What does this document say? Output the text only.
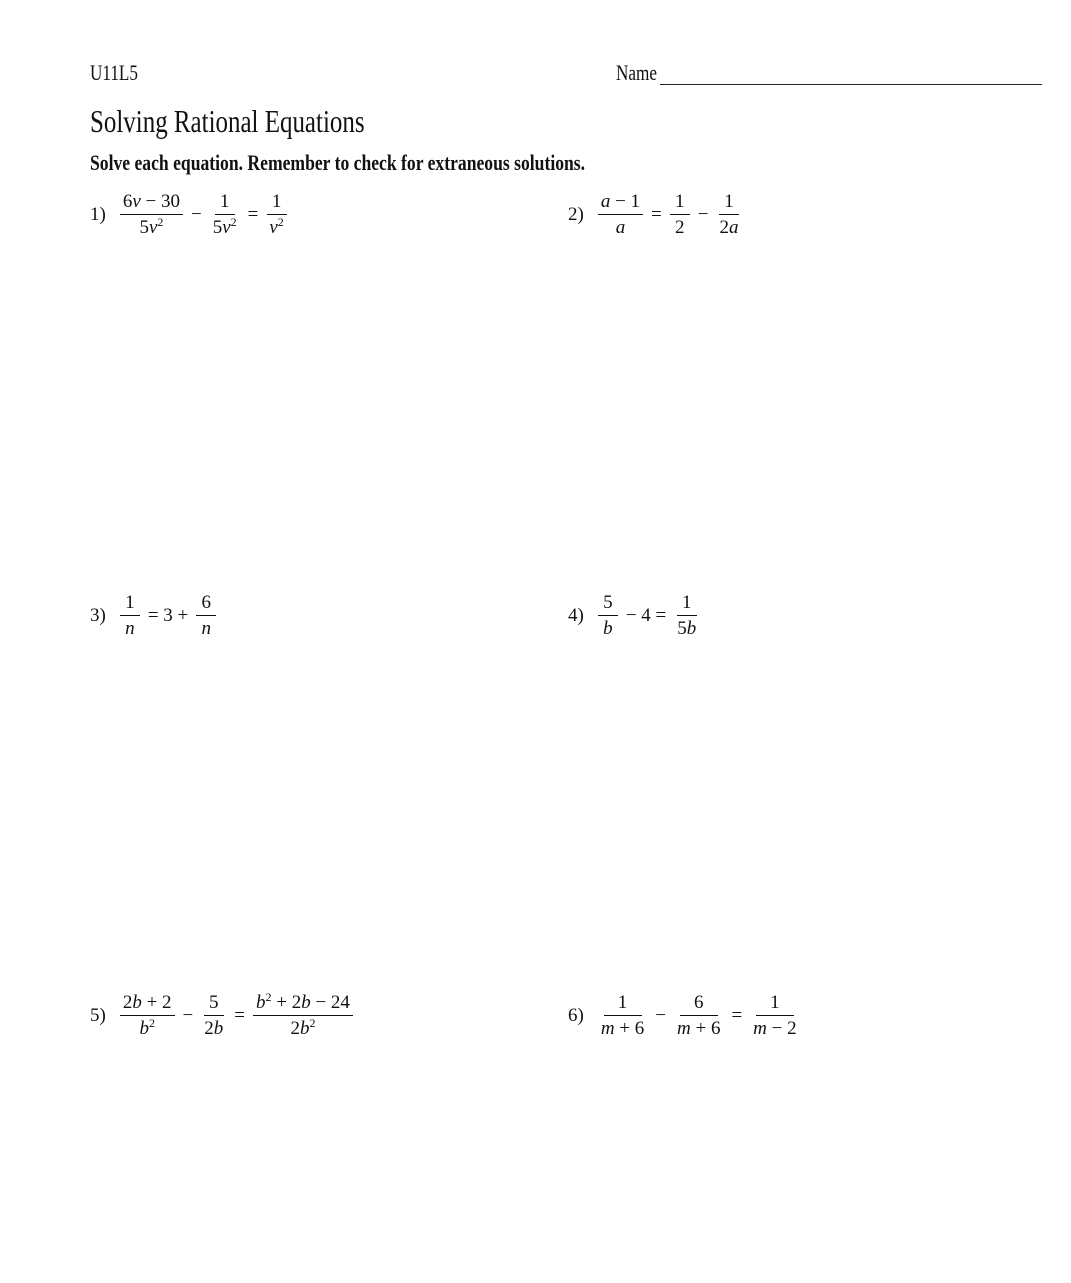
U11L5	Name
Solving Rational Equations
Solve each equation. Remember to check for extraneous solutions.
$1) \frac{6v - 30}{5v^2} - \frac{1}{5v^2} = \frac{1}{v^2}$	$2) \frac{a - 1}{a} = \frac{1}{2} - \frac{1}{2a}$
$3) \frac{1}{n} = 3 + \frac{6}{n}$	$4) \frac{5}{b} - 4 = \frac{1}{5b}$
$5) \frac{2b + 2}{b^2} - \frac{5}{2b} = \frac{b^2 + 2b - 24}{2b^2}$	$6) \frac{1}{m + 6} - \frac{6}{m + 6} = \frac{1}{m - 2}$
